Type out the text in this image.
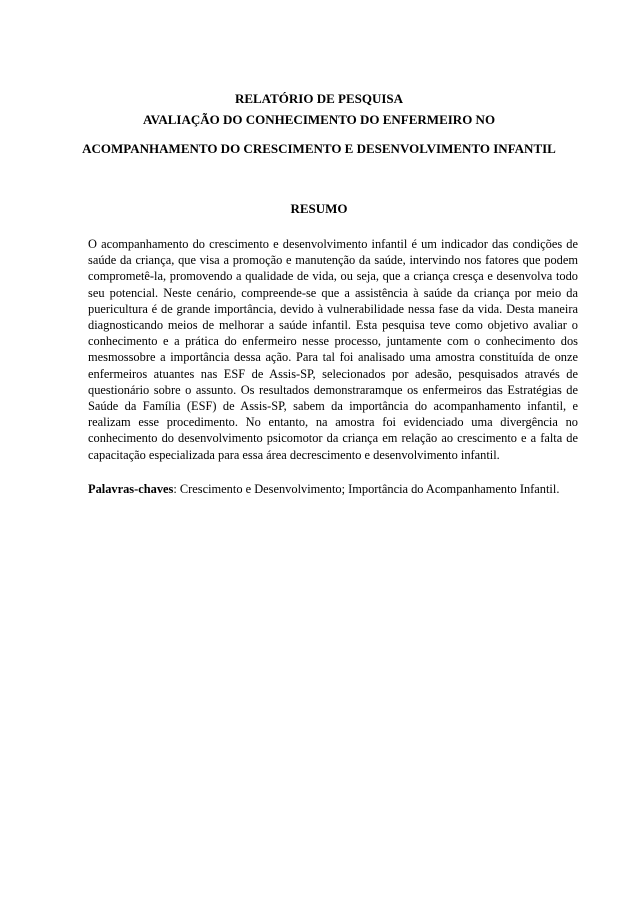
RELATÓRIO DE PESQUISA
AVALIAÇÃO DO CONHECIMENTO DO ENFERMEIRO NO
ACOMPANHAMENTO DO CRESCIMENTO E DESENVOLVIMENTO INFANTIL
RESUMO

O acompanhamento do crescimento e desenvolvimento infantil é um indicador das condições de saúde da criança, que visa a promoção e manutenção da saúde, intervindo nos fatores que podem comprometê-la, promovendo a qualidade de vida, ou seja, que a criança cresça e desenvolva todo seu potencial. Neste cenário, compreende-se que a assistência à saúde da criança por meio da puericultura é de grande importância, devido à vulnerabilidade nessa fase da vida. Desta maneira diagnosticando meios de melhorar a saúde infantil. Esta pesquisa teve como objetivo avaliar o conhecimento e a prática do enfermeiro nesse processo, juntamente com o conhecimento dos mesmossobre a importância dessa ação. Para tal foi analisado uma amostra constituída de onze enfermeiros atuantes nas ESF de Assis-SP, selecionados por adesão, pesquisados através de questionário sobre o assunto. Os resultados demonstraramque os enfermeiros das Estratégias de Saúde da Família (ESF) de Assis-SP, sabem da importância do acompanhamento infantil, e realizam esse procedimento. No entanto, na amostra foi evidenciado uma divergência no conhecimento do desenvolvimento psicomotor da criança em relação ao crescimento e a falta de capacitação especializada para essa área decrescimento e desenvolvimento infantil.

Palavras-chaves: Crescimento e Desenvolvimento; Importância do Acompanhamento Infantil.
